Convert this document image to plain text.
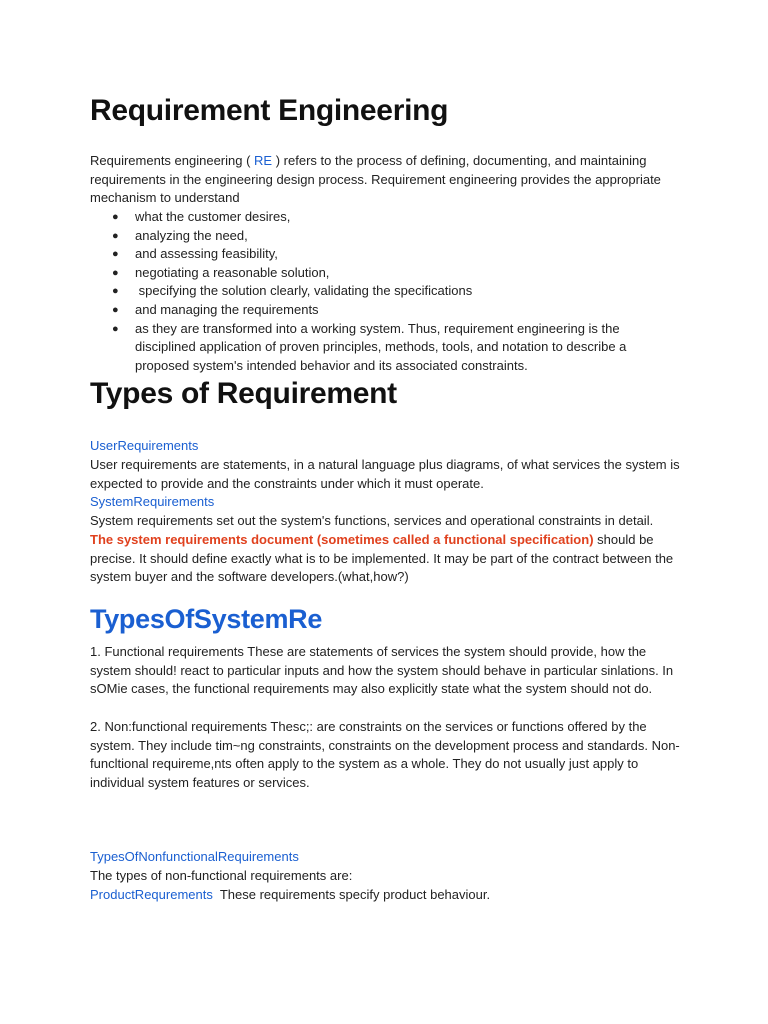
Requirement Engineering

Requirements engineering ( RE ) refers to the process of defining, documenting, and maintaining requirements in the engineering design process. Requirement engineering provides the appropriate mechanism to understand

● what the customer desires,
● analyzing the need,
● and assessing feasibility,
● negotiating a reasonable solution,
● specifying the solution clearly, validating the specifications
● and managing the requirements
● as they are transformed into a working system. Thus, requirement engineering is the disciplined application of proven principles, methods, tools, and notation to describe a proposed system's intended behavior and its associated constraints.
Types of Requirement

UserRequirements

User requirements are statements, in a natural language plus diagrams, of what services the system is expected to provide and the constraints under which it must operate.

SystemRequirements

System requirements set out the system's functions, services and operational constraints in detail.

The system requirements document (sometimes called a functional specification) should be precise. It should define exactly what is to be implemented. It may be part of the contract between the system buyer and the software developers.(what,how?)

TypesOfSystemRe

1. Functional requirements These are statements of services the system should provide, how the system should! react to particular inputs and how the system should behave in particular sinlations. In sOMie cases, the functional requirements may also explicitly state what the system should not do.

2. Non:functional requirements Thesc;: are constraints on the services or functions offered by the system. They include tim~ng constraints, constraints on the development process and standards. Non-funcltional requireme,nts often apply to the system as a whole. They do not usually just apply to individual system features or services.

TypesOfNonfunctionalRequirements

The types of non-functional requirements are:

ProductRequrements  These requirements specify product behaviour.
